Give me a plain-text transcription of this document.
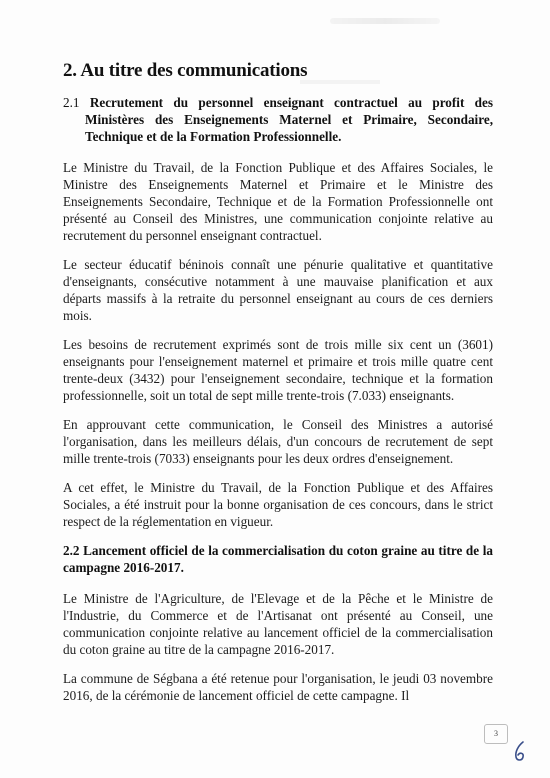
2. Au titre des communications
2.1 Recrutement du personnel enseignant contractuel au profit des Ministères des Enseignements Maternel et Primaire, Secondaire, Technique et de la Formation Professionnelle.

Le Ministre du Travail, de la Fonction Publique et des Affaires Sociales, le Ministre des Enseignements Maternel et Primaire et le Ministre des Enseignements Secondaire, Technique et de la Formation Professionnelle ont présenté au Conseil des Ministres, une communication conjointe relative au recrutement du personnel enseignant contractuel.

Le secteur éducatif béninois connaît une pénurie qualitative et quantitative d'enseignants, consécutive notamment à une mauvaise planification et aux départs massifs à la retraite du personnel enseignant au cours de ces derniers mois.

Les besoins de recrutement exprimés sont de trois mille six cent un (3601) enseignants pour l'enseignement maternel et primaire et trois mille quatre cent trente-deux (3432) pour l'enseignement secondaire, technique et la formation professionnelle, soit un total de sept mille trente-trois (7.033) enseignants.

En approuvant cette communication, le Conseil des Ministres a autorisé l'organisation, dans les meilleurs délais, d'un concours de recrutement de sept mille trente-trois (7033) enseignants pour les deux ordres d'enseignement.

A cet effet, le Ministre du Travail, de la Fonction Publique et des Affaires Sociales, a été instruit pour la bonne organisation de ces concours, dans le strict respect de la réglementation en vigueur.

2.2 Lancement officiel de la commercialisation du coton graine au titre de la campagne 2016-2017.

Le Ministre de l'Agriculture, de l'Elevage et de la Pêche et le Ministre de l'Industrie, du Commerce et de l'Artisanat ont présenté au Conseil, une communication conjointe relative au lancement officiel de la commercialisation du coton graine au titre de la campagne 2016-2017.

La commune de Ségbana a été retenue pour l'organisation, le jeudi 03 novembre 2016, de la cérémonie de lancement officiel de cette campagne. Il

3
